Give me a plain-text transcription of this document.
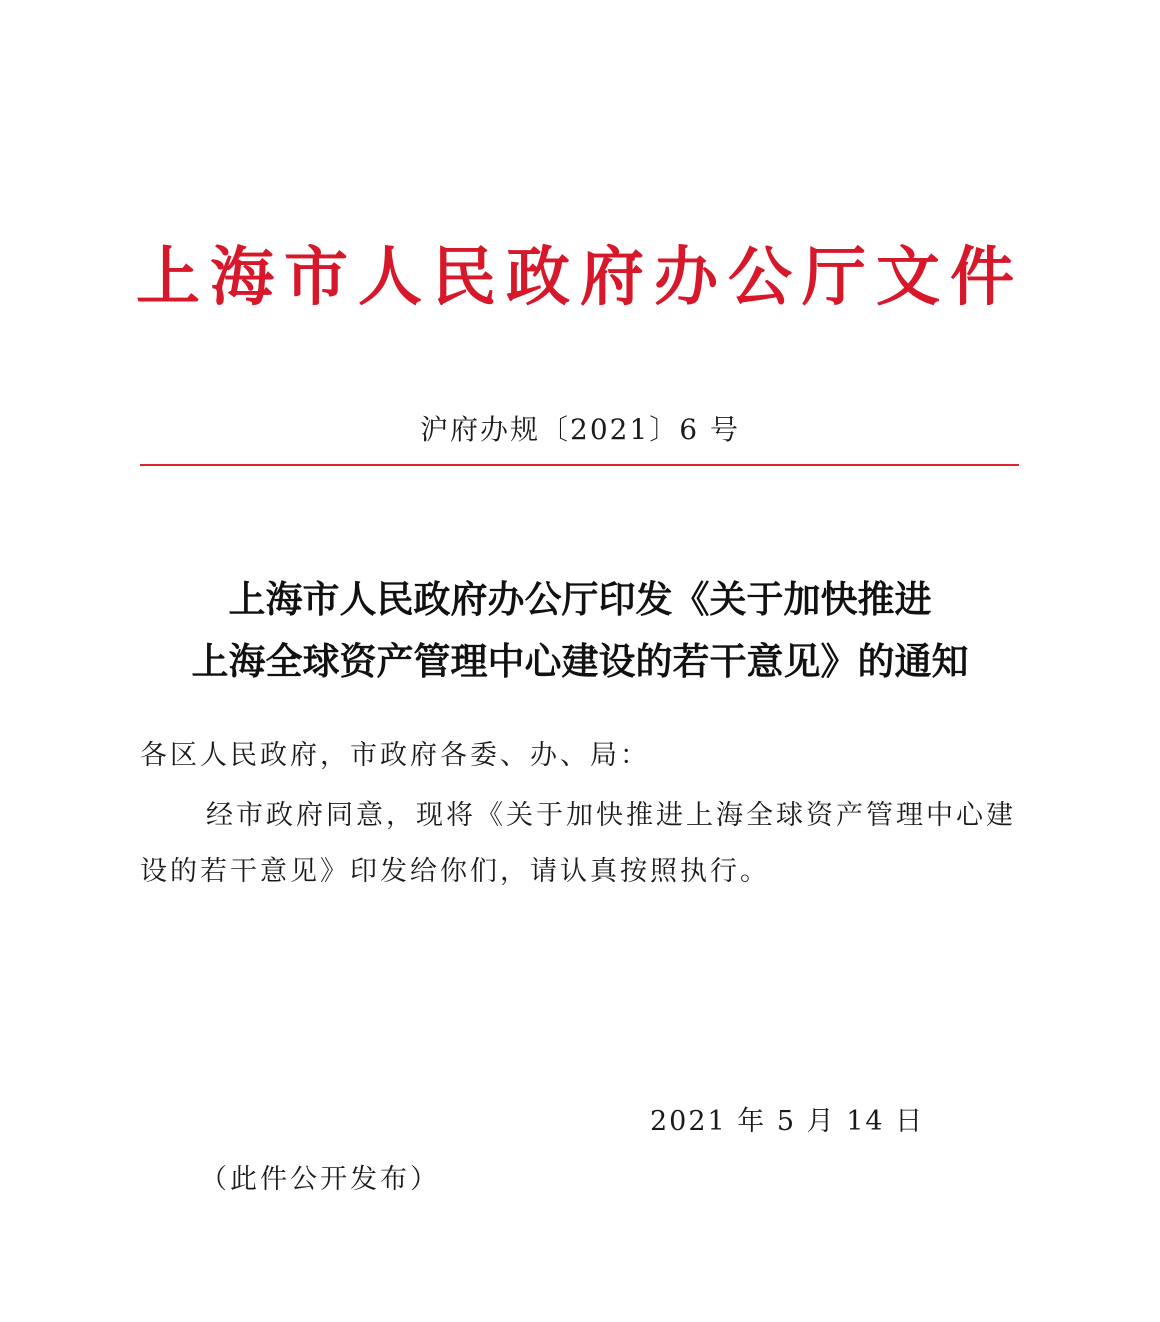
上海市人民政府办公厅文件
沪府办规〔2021〕6 号
上海市人民政府办公厅印发《关于加快推进
上海全球资产管理中心建设的若干意见》的通知
各区人民政府，市政府各委、办、局：
经市政府同意，现将《关于加快推进上海全球资产管理中心建
设的若干意见》印发给你们，请认真按照执行。
2021 年 5 月 14 日
（此件公开发布）
